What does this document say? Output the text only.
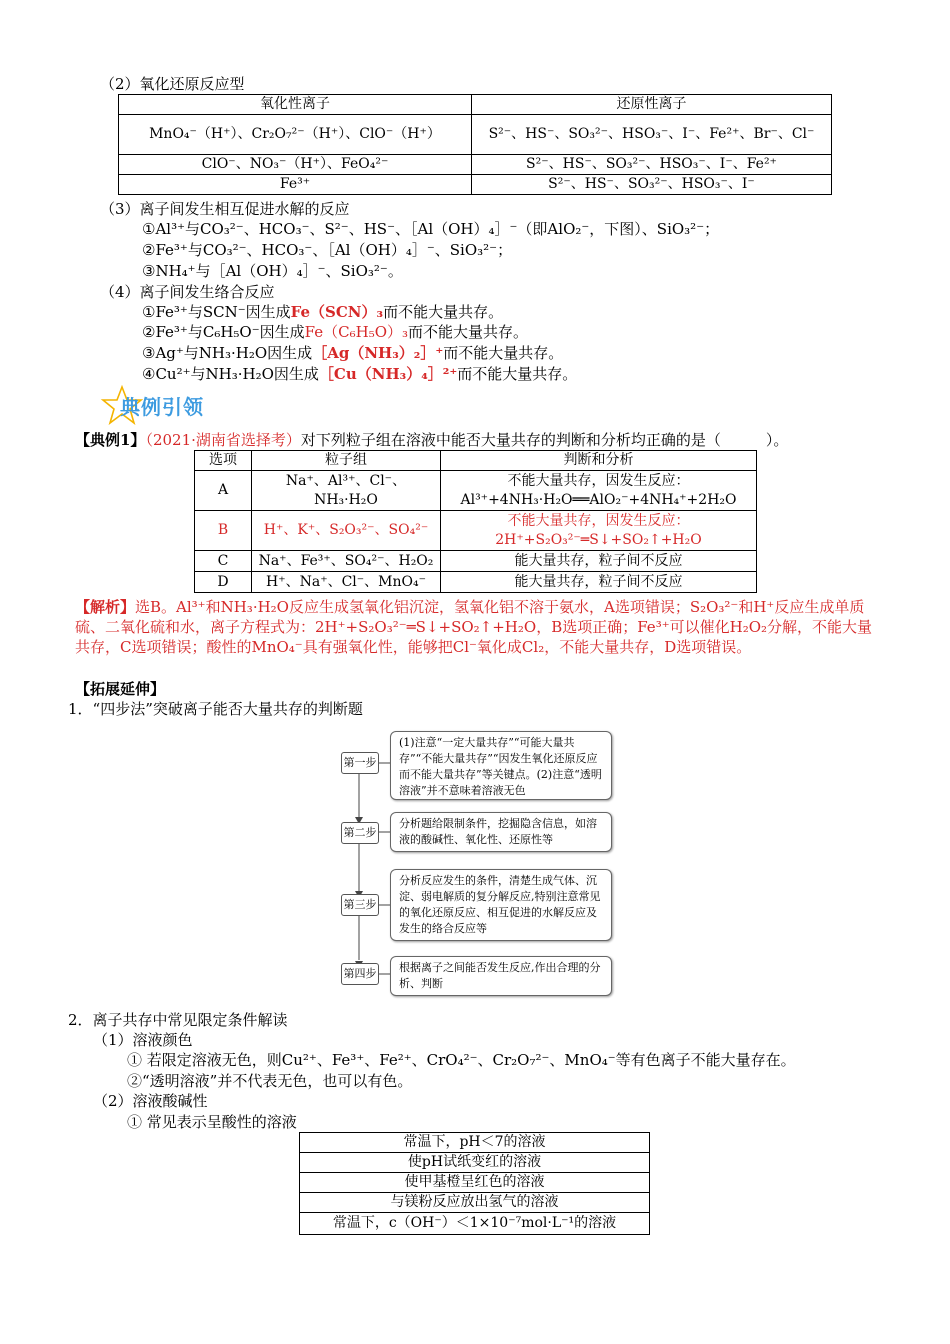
（2）氧化还原反应型
氧化性离子	还原性离子
MnO₄⁻（H⁺）、Cr₂O₇²⁻（H⁺）、ClO⁻（H⁺）	S²⁻、HS⁻、SO₃²⁻、HSO₃⁻、I⁻、Fe²⁺、Br⁻、Cl⁻
ClO⁻、NO₃⁻（H⁺）、FeO₄²⁻	S²⁻、HS⁻、SO₃²⁻、HSO₃⁻、I⁻、Fe²⁺
Fe³⁺	S²⁻、HS⁻、SO₃²⁻、HSO₃⁻、I⁻
（3）离子间发生相互促进水解的反应
①Al³⁺与CO₃²⁻、HCO₃⁻、S²⁻、HS⁻、［Al（OH）₄］⁻（即AlO₂⁻，下图）、SiO₃²⁻；
②Fe³⁺与CO₃²⁻、HCO₃⁻、［Al（OH）₄］⁻、SiO₃²⁻；
③NH₄⁺与［Al（OH）₄］⁻、SiO₃²⁻。
（4）离子间发生络合反应
①Fe³⁺与SCN⁻因生成Fe（SCN）₃而不能大量共存。
②Fe³⁺与C₆H₅O⁻因生成Fe（C₆H₅O）₃而不能大量共存。
③Ag⁺与NH₃·H₂O因生成［Ag（NH₃）₂］⁺而不能大量共存。
④Cu²⁺与NH₃·H₂O因生成［Cu（NH₃）₄］²⁺而不能大量共存。
典例引领
【典例1】（2021·湖南省选择考）对下列粒子组在溶液中能否大量共存的判断和分析均正确的是（　　　）。
选项	粒子组	判断和分析
A	Na⁺、Al³⁺、Cl⁻、NH₃·H₂O	不能大量共存，因发生反应：Al³⁺+4NH₃·H₂O══AlO₂⁻+4NH₄⁺+2H₂O
B	H⁺、K⁺、S₂O₃²⁻、SO₄²⁻	不能大量共存，因发生反应：2H⁺+S₂O₃²⁻═S↓+SO₂↑+H₂O
C	Na⁺、Fe³⁺、SO₄²⁻、H₂O₂	能大量共存，粒子间不反应
D	H⁺、Na⁺、Cl⁻、MnO₄⁻	能大量共存，粒子间不反应
【解析】选B。Al³⁺和NH₃·H₂O反应生成氢氧化铝沉淀，氢氧化铝不溶于氨水，A选项错误；S₂O₃²⁻和H⁺反应生成单质硫、二氧化硫和水，离子方程式为：2H⁺+S₂O₃²⁻═S↓+SO₂↑+H₂O，B选项正确；Fe³⁺可以催化H₂O₂分解，不能大量共存，C选项错误；酸性的MnO₄⁻具有强氧化性，能够把Cl⁻氧化成Cl₂，不能大量共存，D选项错误。
【拓展延伸】
1．“四步法”突破离子能否大量共存的判断题
第一步
(1)注意“一定大量共存”“可能大量共存”“不能大量共存”“因发生氧化还原反应而不能大量共存”等关键点。(2)注意“透明溶液”并不意味着溶液无色
第二步
分析题给限制条件，挖掘隐含信息，如溶液的酸碱性、氧化性、还原性等
第三步
分析反应发生的条件，清楚生成气体、沉淀、弱电解质的复分解反应,特别注意常见的氧化还原反应、相互促进的水解反应及发生的络合反应等
第四步	根据离子之间能否发生反应,作出合理的分析、判断
2．离子共存中常见限定条件解读
（1）溶液颜色
① 若限定溶液无色，则Cu²⁺、Fe³⁺、Fe²⁺、CrO₄²⁻、Cr₂O₇²⁻、MnO₄⁻等有色离子不能大量存在。
②“透明溶液”并不代表无色，也可以有色。
（2）溶液酸碱性
① 常见表示呈酸性的溶液
常温下，pH＜7的溶液
使pH试纸变红的溶液
使甲基橙呈红色的溶液
与镁粉反应放出氢气的溶液
常温下，c（OH⁻）＜1×10⁻⁷mol·L⁻¹的溶液
